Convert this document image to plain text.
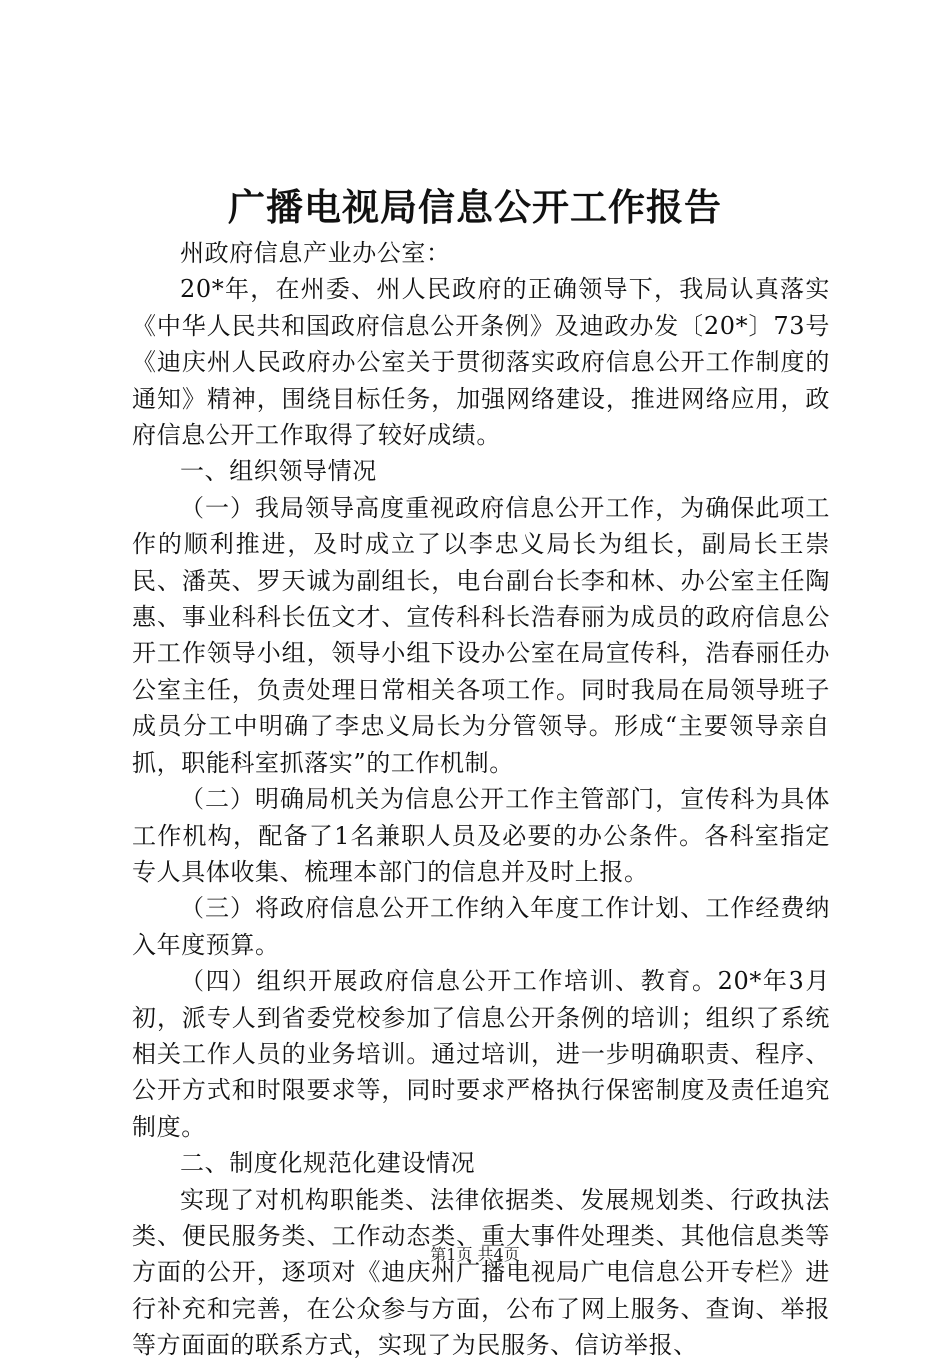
广播电视局信息公开工作报告

州政府信息产业办公室：

20*年，在州委、州人民政府的正确领导下，我局认真落实《中华人民共和国政府信息公开条例》及迪政办发〔20*〕73号《迪庆州人民政府办公室关于贯彻落实政府信息公开工作制度的通知》精神，围绕目标任务，加强网络建设，推进网络应用，政府信息公开工作取得了较好成绩。

一、组织领导情况

（一）我局领导高度重视政府信息公开工作，为确保此项工作的顺利推进，及时成立了以李忠义局长为组长，副局长王崇民、潘英、罗天诚为副组长，电台副台长李和林、办公室主任陶惠、事业科科长伍文才、宣传科科长浩春丽为成员的政府信息公开工作领导小组，领导小组下设办公室在局宣传科，浩春丽任办公室主任，负责处理日常相关各项工作。同时我局在局领导班子成员分工中明确了李忠义局长为分管领导。形成“主要领导亲自抓，职能科室抓落实”的工作机制。

（二）明确局机关为信息公开工作主管部门，宣传科为具体工作机构，配备了1名兼职人员及必要的办公条件。各科室指定专人具体收集、梳理本部门的信息并及时上报。

（三）将政府信息公开工作纳入年度工作计划、工作经费纳入年度预算。

（四）组织开展政府信息公开工作培训、教育。20*年3月初，派专人到省委党校参加了信息公开条例的培训；组织了系统相关工作人员的业务培训。通过培训，进一步明确职责、程序、公开方式和时限要求等，同时要求严格执行保密制度及责任追究制度。

二、制度化规范化建设情况

实现了对机构职能类、法律依据类、发展规划类、行政执法类、便民服务类、工作动态类、重大事件处理类、其他信息类等方面的公开，逐项对《迪庆州广播电视局广电信息公开专栏》进行补充和完善，在公众参与方面，公布了网上服务、查询、举报等方面面的联系方式，实现了为民服务、信访举报、

第1页 共4页
